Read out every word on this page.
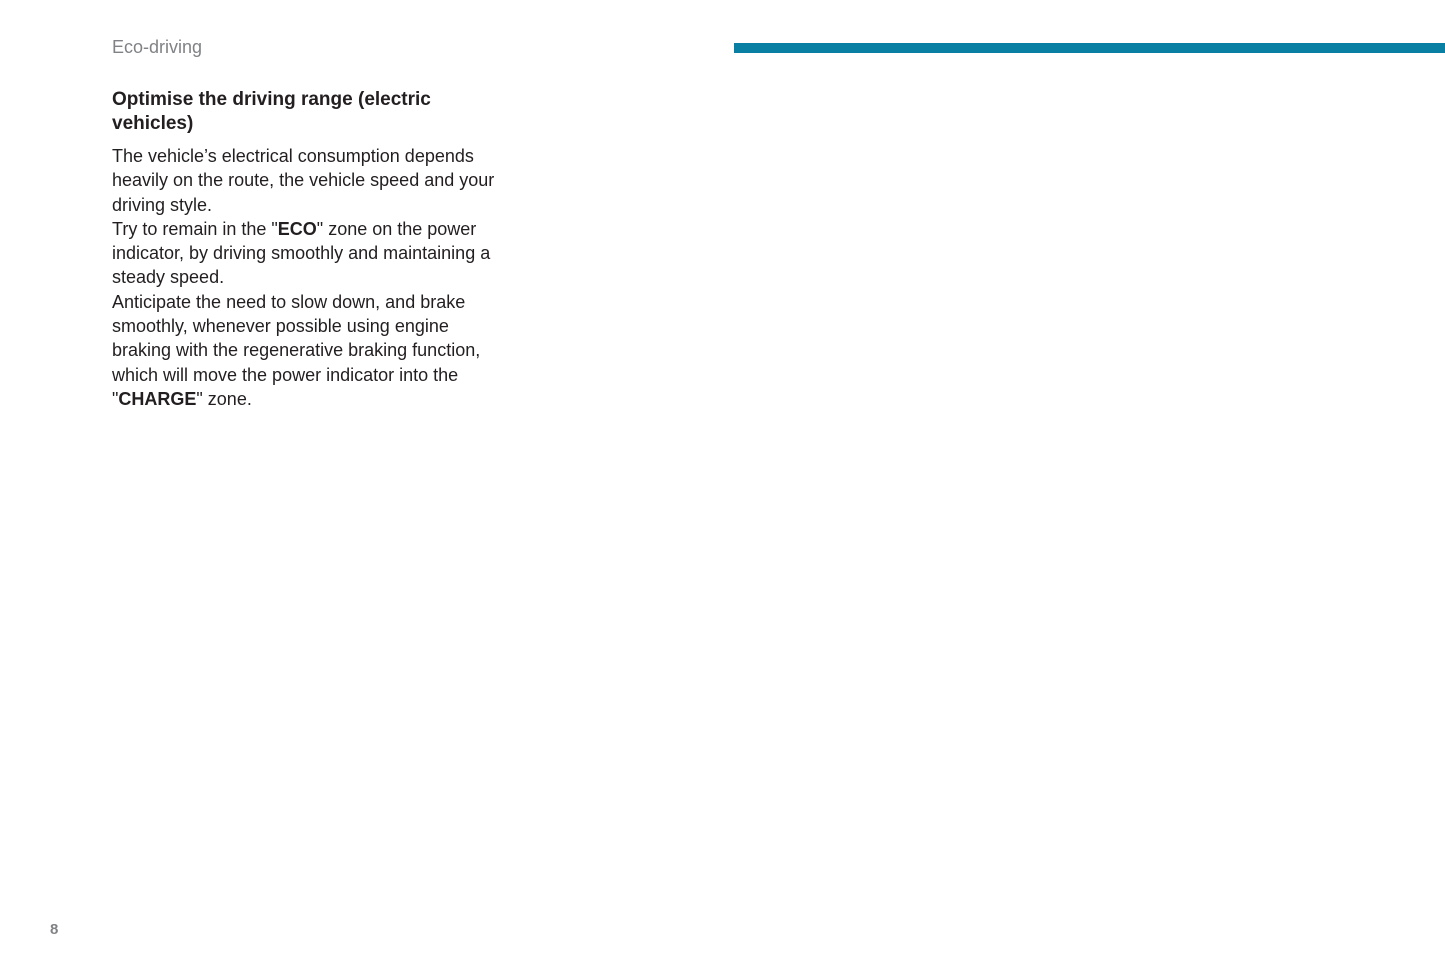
Eco-driving
Optimise the driving range (electric vehicles)

The vehicle’s electrical consumption depends heavily on the route, the vehicle speed and your driving style.

Try to remain in the "ECO" zone on the power indicator, by driving smoothly and maintaining a steady speed.

Anticipate the need to slow down, and brake smoothly, whenever possible using engine braking with the regenerative braking function, which will move the power indicator into the "CHARGE" zone.

8
